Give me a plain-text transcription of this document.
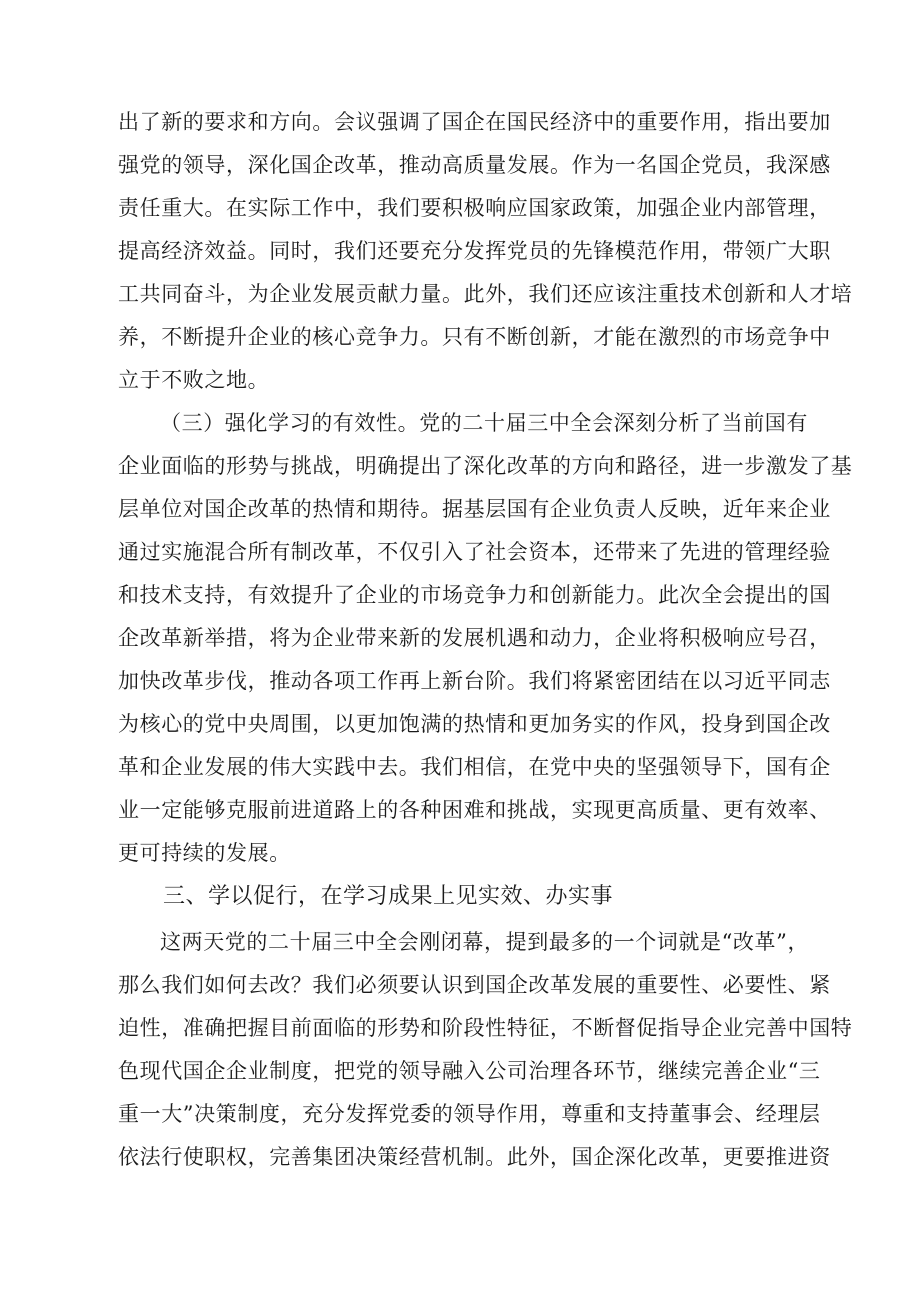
出了新的要求和方向。会议强调了国企在国民经济中的重要作用，指出要加
强党的领导，深化国企改革，推动高质量发展。作为一名国企党员，我深感
责任重大。在实际工作中，我们要积极响应国家政策，加强企业内部管理，
提高经济效益。同时，我们还要充分发挥党员的先锋模范作用，带领广大职
工共同奋斗，为企业发展贡献力量。此外，我们还应该注重技术创新和人才培
养，不断提升企业的核心竞争力。只有不断创新，才能在激烈的市场竞争中
立于不败之地。
（三）强化学习的有效性。党的二十届三中全会深刻分析了当前国有
企业面临的形势与挑战，明确提出了深化改革的方向和路径，进一步激发了基
层单位对国企改革的热情和期待。据基层国有企业负责人反映，近年来企业
通过实施混合所有制改革，不仅引入了社会资本，还带来了先进的管理经验
和技术支持，有效提升了企业的市场竞争力和创新能力。此次全会提出的国
企改革新举措，将为企业带来新的发展机遇和动力，企业将积极响应号召，
加快改革步伐，推动各项工作再上新台阶。我们将紧密团结在以习近平同志
为核心的党中央周围，以更加饱满的热情和更加务实的作风，投身到国企改
革和企业发展的伟大实践中去。我们相信，在党中央的坚强领导下，国有企
业一定能够克服前进道路上的各种困难和挑战，实现更高质量、更有效率、
更可持续的发展。
三、学以促行，在学习成果上见实效、办实事
这两天党的二十届三中全会刚闭幕，提到最多的一个词就是“改革”，
那么我们如何去改？我们必须要认识到国企改革发展的重要性、必要性、紧
迫性，准确把握目前面临的形势和阶段性特征，不断督促指导企业完善中国特
色现代国企企业制度，把党的领导融入公司治理各环节，继续完善企业“三
重一大”决策制度，充分发挥党委的领导作用，尊重和支持董事会、经理层
依法行使职权，完善集团决策经营机制。此外，国企深化改革，更要推进资
